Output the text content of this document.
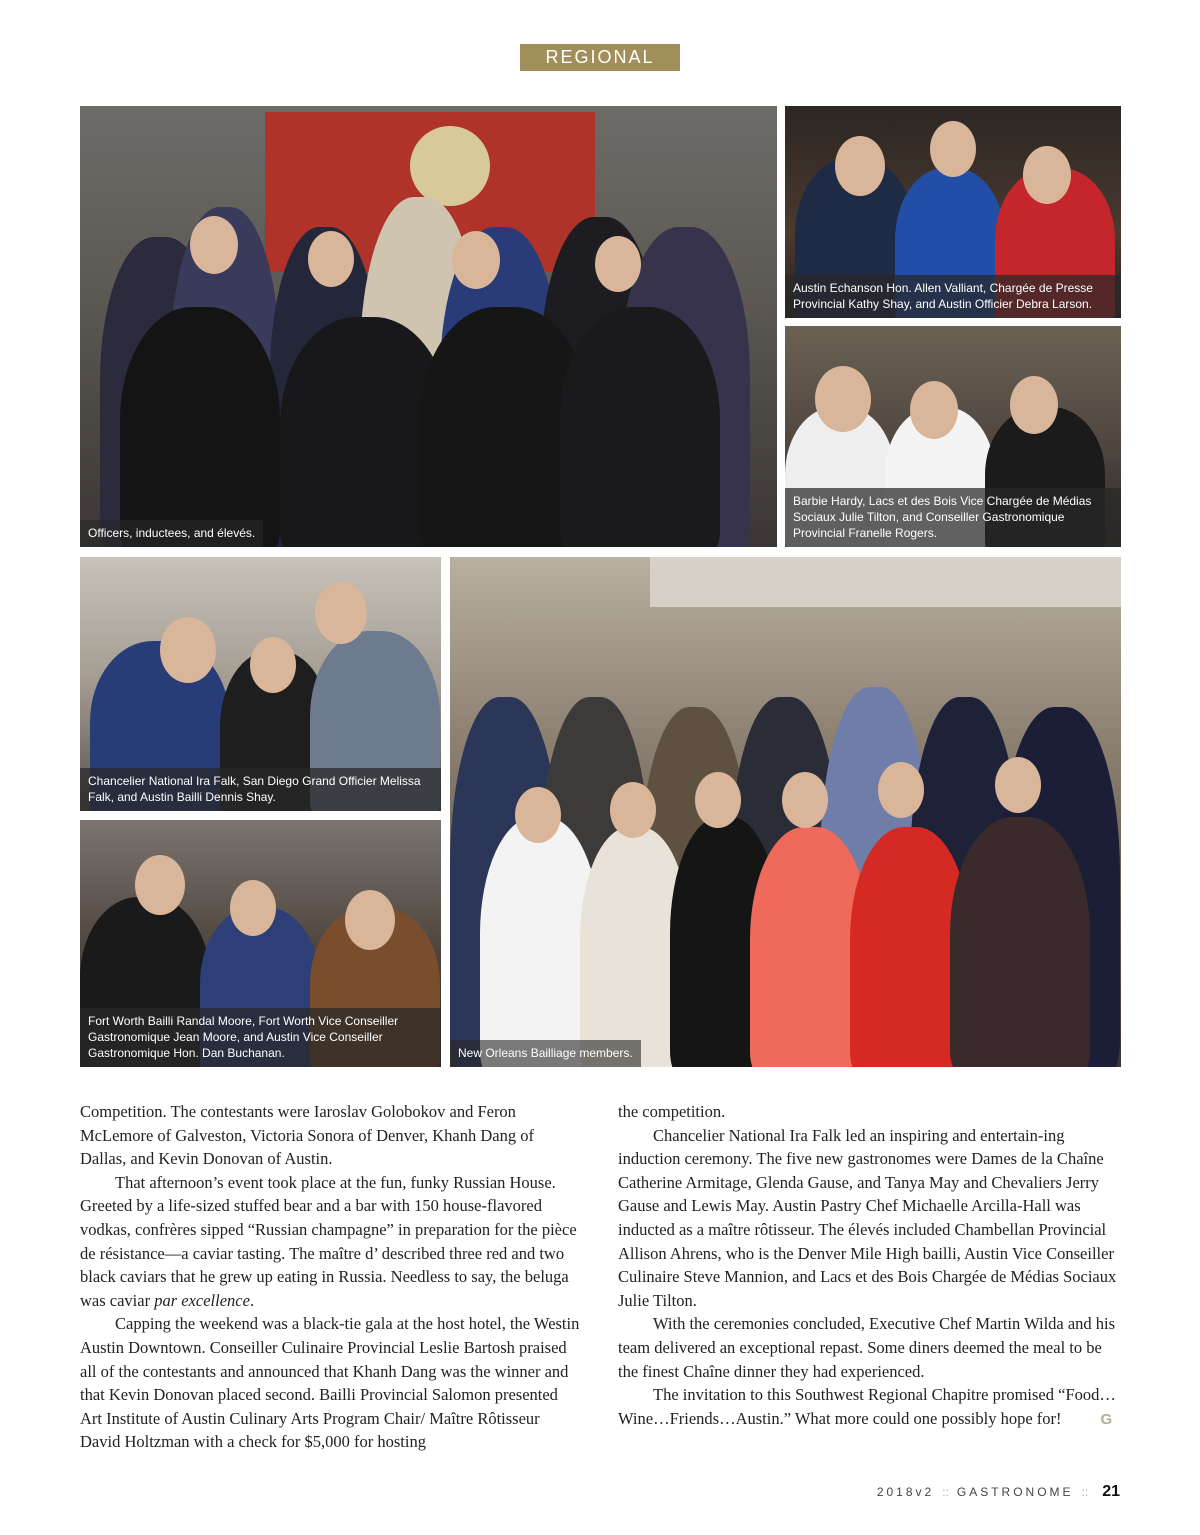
REGIONAL
Officers, inductees, and élevés.
Austin Echanson Hon. Allen Valliant, Chargée de Presse Provincial Kathy Shay, and Austin Officier Debra Larson.
Barbie Hardy, Lacs et des Bois Vice Chargée de Médias Sociaux Julie Tilton, and Conseiller Gastronomique Provincial Franelle Rogers.
Chancelier National Ira Falk, San Diego Grand Officier Melissa Falk, and Austin Bailli Dennis Shay.
Fort Worth Bailli Randal Moore, Fort Worth Vice Conseiller Gastronomique Jean Moore, and Austin Vice Conseiller Gastronomique Hon. Dan Buchanan.	New Orleans Bailliage members.

Competition. The contestants were Iaroslav Golobokov and Feron McLemore of Galveston, Victoria Sonora of Denver, Khanh Dang of Dallas, and Kevin Donovan of Austin.

That afternoon’s event took place at the fun, funky Russian House. Greeted by a life-sized stuffed bear and a bar with 150 house-flavored vodkas, confrères sipped “Russian champagne” in preparation for the pièce de résistance—a caviar tasting. The maître d’ described three red and two black caviars that he grew up eating in Russia. Needless to say, the beluga was caviar par excellence.

Capping the weekend was a black-tie gala at the host hotel, the Westin Austin Downtown. Conseiller Culinaire Provincial Leslie Bartosh praised all of the contestants and announced that Khanh Dang was the winner and that Kevin Donovan placed second. Bailli Provincial Salomon presented Art Institute of Austin Culinary Arts Program Chair/ Maître Rôtisseur David Holtzman with a check for $5,000 for hosting

the competition.

Chancelier National Ira Falk led an inspiring and entertain-ing induction ceremony. The five new gastronomes were Dames de la Chaîne Catherine Armitage, Glenda Gause, and Tanya May and Chevaliers Jerry Gause and Lewis May. Austin Pastry Chef Michaelle Arcilla-Hall was inducted as a maître rôtisseur. The élevés included Chambellan Provincial Allison Ahrens, who is the Denver Mile High bailli, Austin Vice Conseiller Culinaire Steve Mannion, and Lacs et des Bois Chargée de Médias Sociaux Julie Tilton.

With the ceremonies concluded, Executive Chef Martin Wilda and his team delivered an exceptional repast. Some diners deemed the meal to be the finest Chaîne dinner they had experienced.

The invitation to this Southwest Regional Chapitre promised “Food…Wine…Friends…Austin.” What more could one possibly hope for!	G

2018v2 :: GASTRONOME :: 21
